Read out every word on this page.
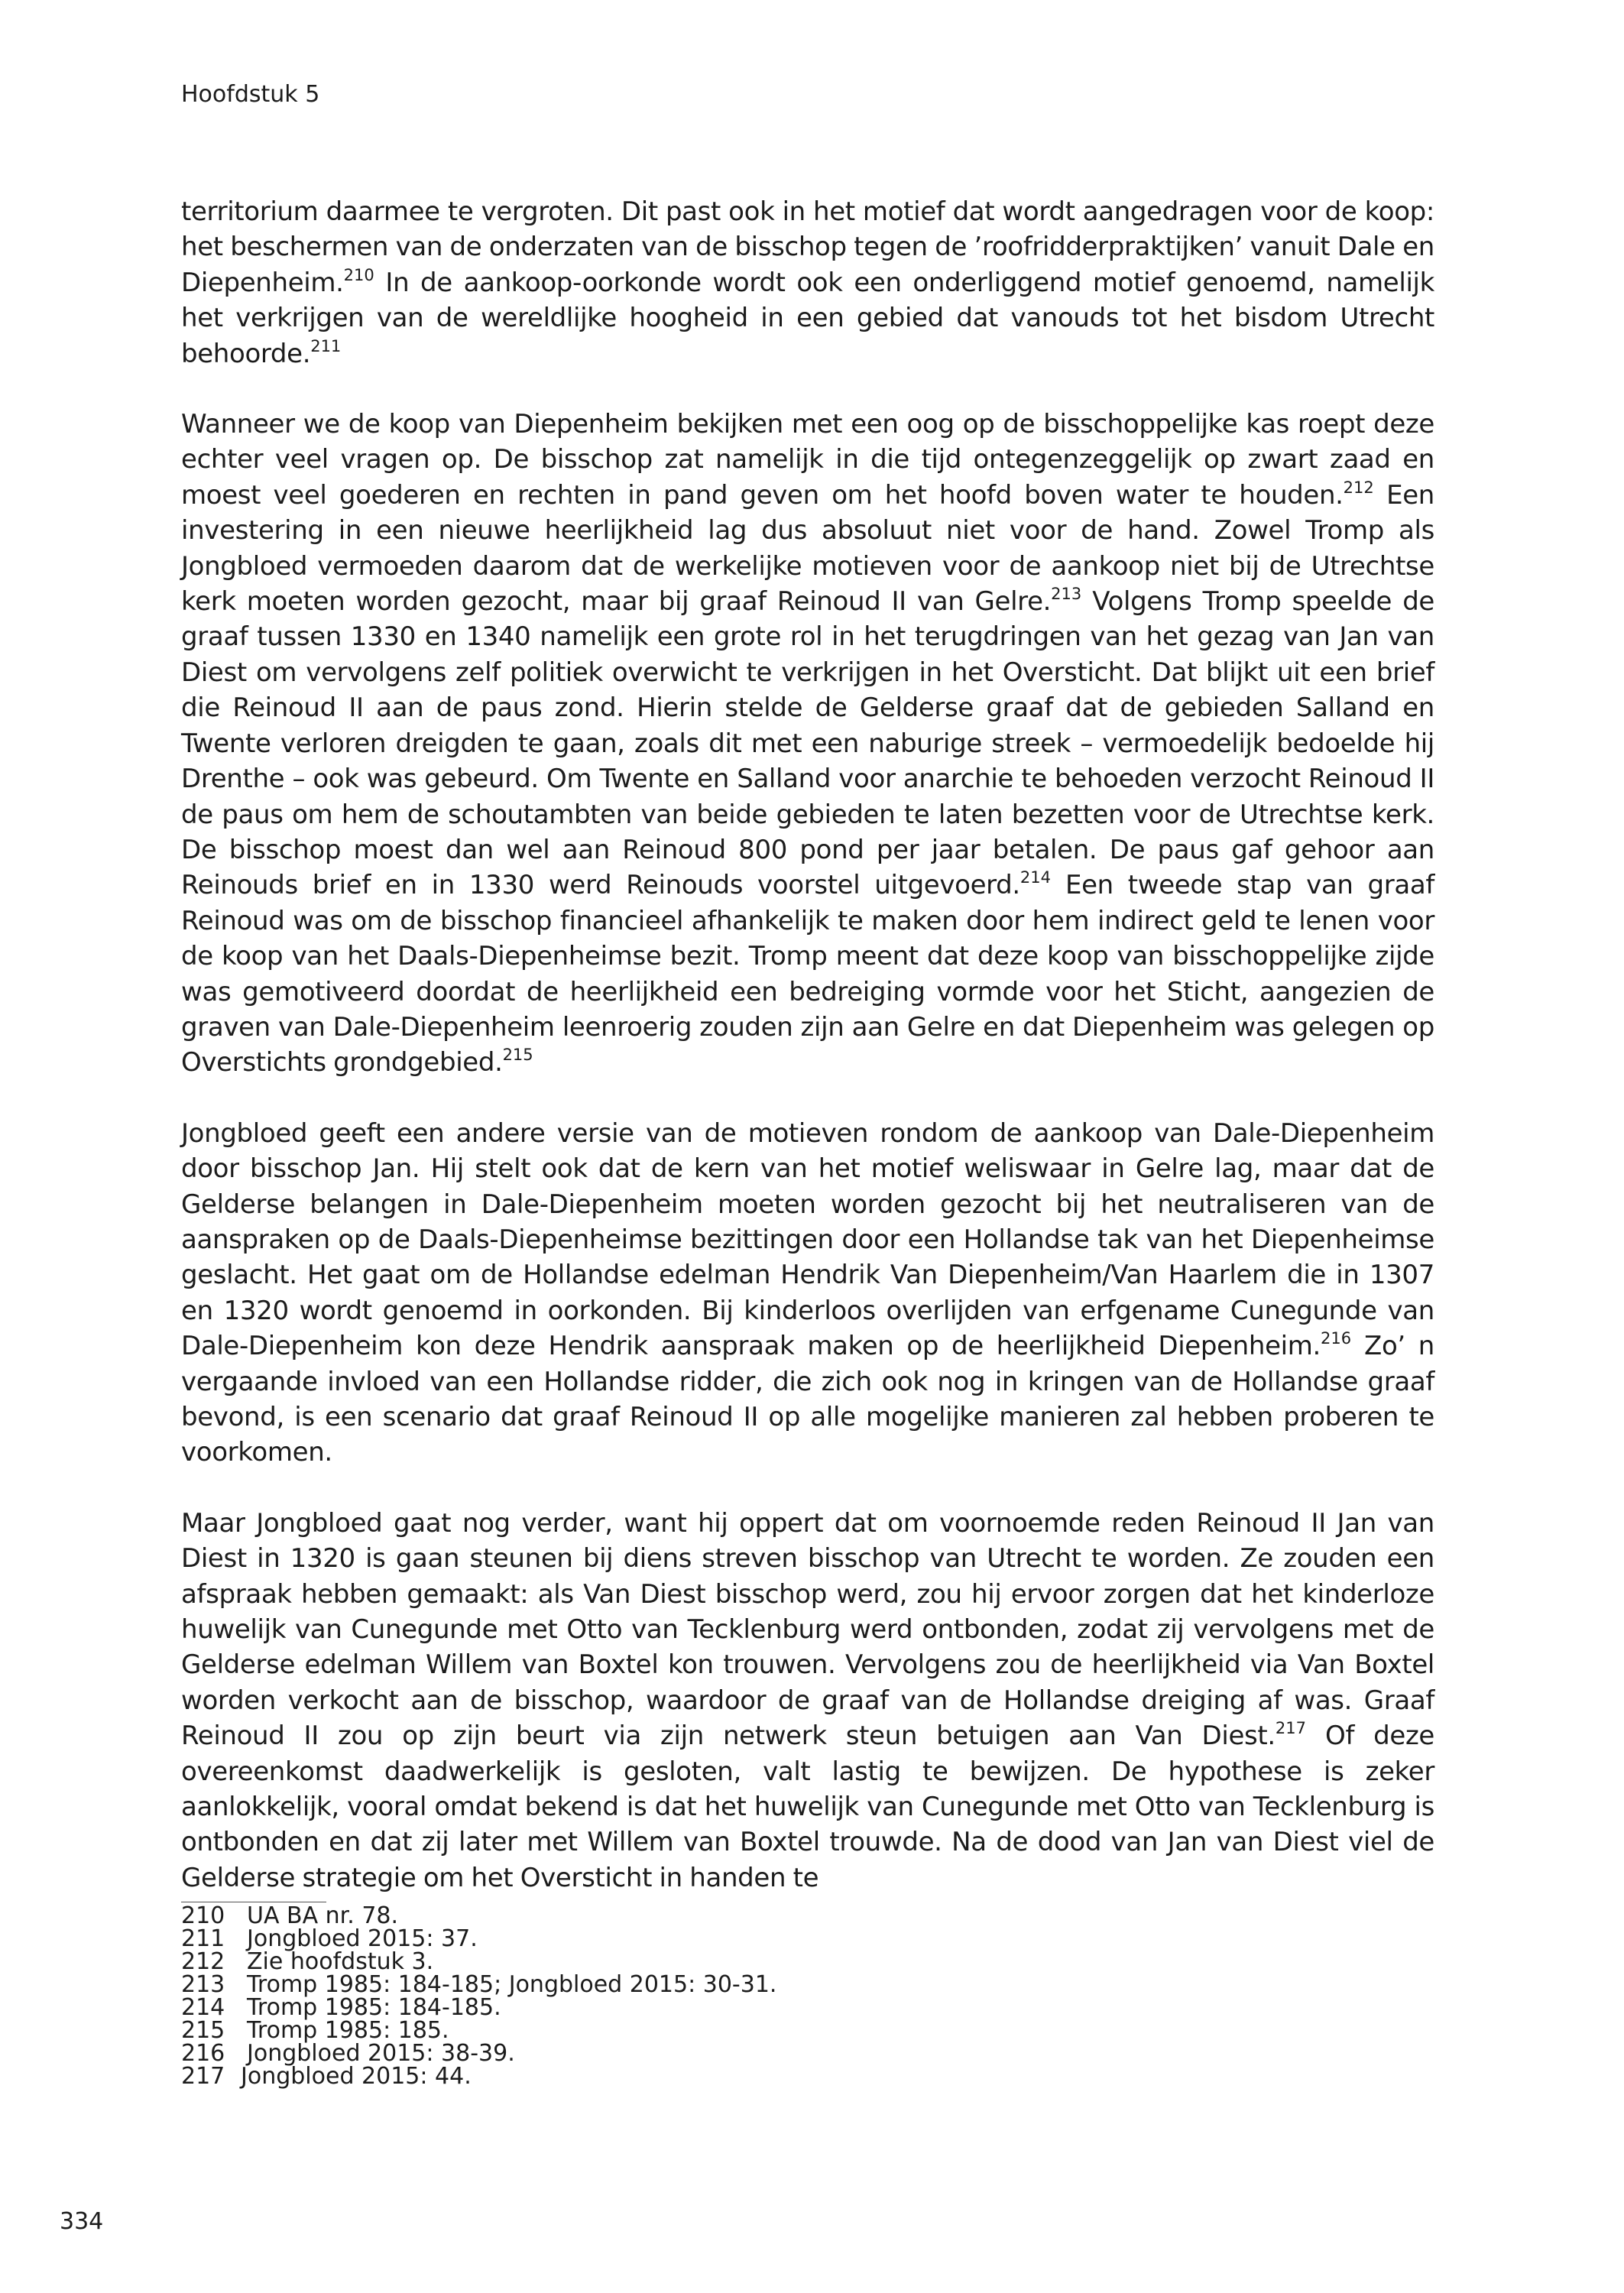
Hoofdstuk 5

territorium daarmee te vergroten. Dit past ook in het motief dat wordt aangedragen voor de koop: het beschermen van de onderzaten van de bisschop tegen de ’roofridderpraktijken’ vanuit Dale en Diepenheim.$^{210}$ In de aankoop-oorkonde wordt ook een onderliggend motief genoemd, namelijk het verkrijgen van de wereldlijke hoogheid in een gebied dat vanouds tot het bisdom Utrecht behoorde.$^{211}$

Wanneer we de koop van Diepenheim bekijken met een oog op de bisschoppelijke kas roept deze echter veel vragen op. De bisschop zat namelijk in die tijd ontegenzeggelijk op zwart zaad en moest veel goederen en rechten in pand geven om het hoofd boven water te houden.$^{212}$ Een investering in een nieuwe heerlijkheid lag dus absoluut niet voor de hand. Zowel Tromp als Jongbloed vermoeden daarom dat de werkelijke motieven voor de aankoop niet bij de Utrechtse kerk moeten worden gezocht, maar bij graaf Reinoud II van Gelre.$^{213}$ Volgens Tromp speelde de graaf tussen 1330 en 1340 namelijk een grote rol in het terugdringen van het gezag van Jan van Diest om vervolgens zelf politiek overwicht te verkrijgen in het Oversticht. Dat blijkt uit een brief die Reinoud II aan de paus zond. Hierin stelde de Gelderse graaf dat de gebieden Salland en Twente verloren dreigden te gaan, zoals dit met een naburige streek – vermoedelijk bedoelde hij Drenthe – ook was gebeurd. Om Twente en Salland voor anarchie te behoeden verzocht Reinoud II de paus om hem de schoutambten van beide gebieden te laten bezetten voor de Utrechtse kerk. De bisschop moest dan wel aan Reinoud 800 pond per jaar betalen. De paus gaf gehoor aan Reinouds brief en in 1330 werd Reinouds voorstel uitgevoerd.$^{214}$ Een tweede stap van graaf Reinoud was om de bisschop financieel afhankelijk te maken door hem indirect geld te lenen voor de koop van het Daals-Diepenheimse bezit. Tromp meent dat deze koop van bisschoppelijke zijde was gemotiveerd doordat de heerlijkheid een bedreiging vormde voor het Sticht, aangezien de graven van Dale-Diepenheim leenroerig zouden zijn aan Gelre en dat Diepenheim was gelegen op Overstichts grondgebied.$^{215}$

Jongbloed geeft een andere versie van de motieven rondom de aankoop van Dale-Diepenheim door bisschop Jan. Hij stelt ook dat de kern van het motief weliswaar in Gelre lag, maar dat de Gelderse belangen in Dale-Diepenheim moeten worden gezocht bij het neutraliseren van de aanspraken op de Daals-Diepenheimse bezittingen door een Hollandse tak van het Diepenheimse geslacht. Het gaat om de Hollandse edelman Hendrik Van Diepenheim/Van Haarlem die in 1307 en 1320 wordt genoemd in oorkonden. Bij kinderloos overlijden van erfgename Cunegunde van Dale-Diepenheim kon deze Hendrik aanspraak maken op de heerlijkheid Diepenheim.$^{216}$ Zo’ n vergaande invloed van een Hollandse ridder, die zich ook nog in kringen van de Hollandse graaf bevond, is een scenario dat graaf Reinoud II op alle mogelijke manieren zal hebben proberen te voorkomen.

Maar Jongbloed gaat nog verder, want hij oppert dat om voornoemde reden Reinoud II Jan van Diest in 1320 is gaan steunen bij diens streven bisschop van Utrecht te worden. Ze zouden een afspraak hebben gemaakt: als Van Diest bisschop werd, zou hij ervoor zorgen dat het kinderloze huwelijk van Cunegunde met Otto van Tecklenburg werd ontbonden, zodat zij vervolgens met de Gelderse edelman Willem van Boxtel kon trouwen. Vervolgens zou de heerlijkheid via Van Boxtel worden verkocht aan de bisschop, waardoor de graaf van de Hollandse dreiging af was. Graaf Reinoud II zou op zijn beurt via zijn netwerk steun betuigen aan Van Diest.$^{217}$ Of deze overeenkomst daadwerkelijk is gesloten, valt lastig te bewijzen. De hypothese is zeker aanlokkelijk, vooral omdat bekend is dat het huwelijk van Cunegunde met Otto van Tecklenburg is ontbonden en dat zij later met Willem van Boxtel trouwde. Na de dood van Jan van Diest viel de Gelderse strategie om het Oversticht in handen te

210 UA BA nr. 78.
211 Jongbloed 2015: 37.
212 Zie hoofdstuk 3.
213 Tromp 1985: 184-185; Jongbloed 2015: 30-31.
214 Tromp 1985: 184-185.
215 Tromp 1985: 185.
216 Jongbloed 2015: 38-39.
217 Jongbloed 2015: 44.
334
